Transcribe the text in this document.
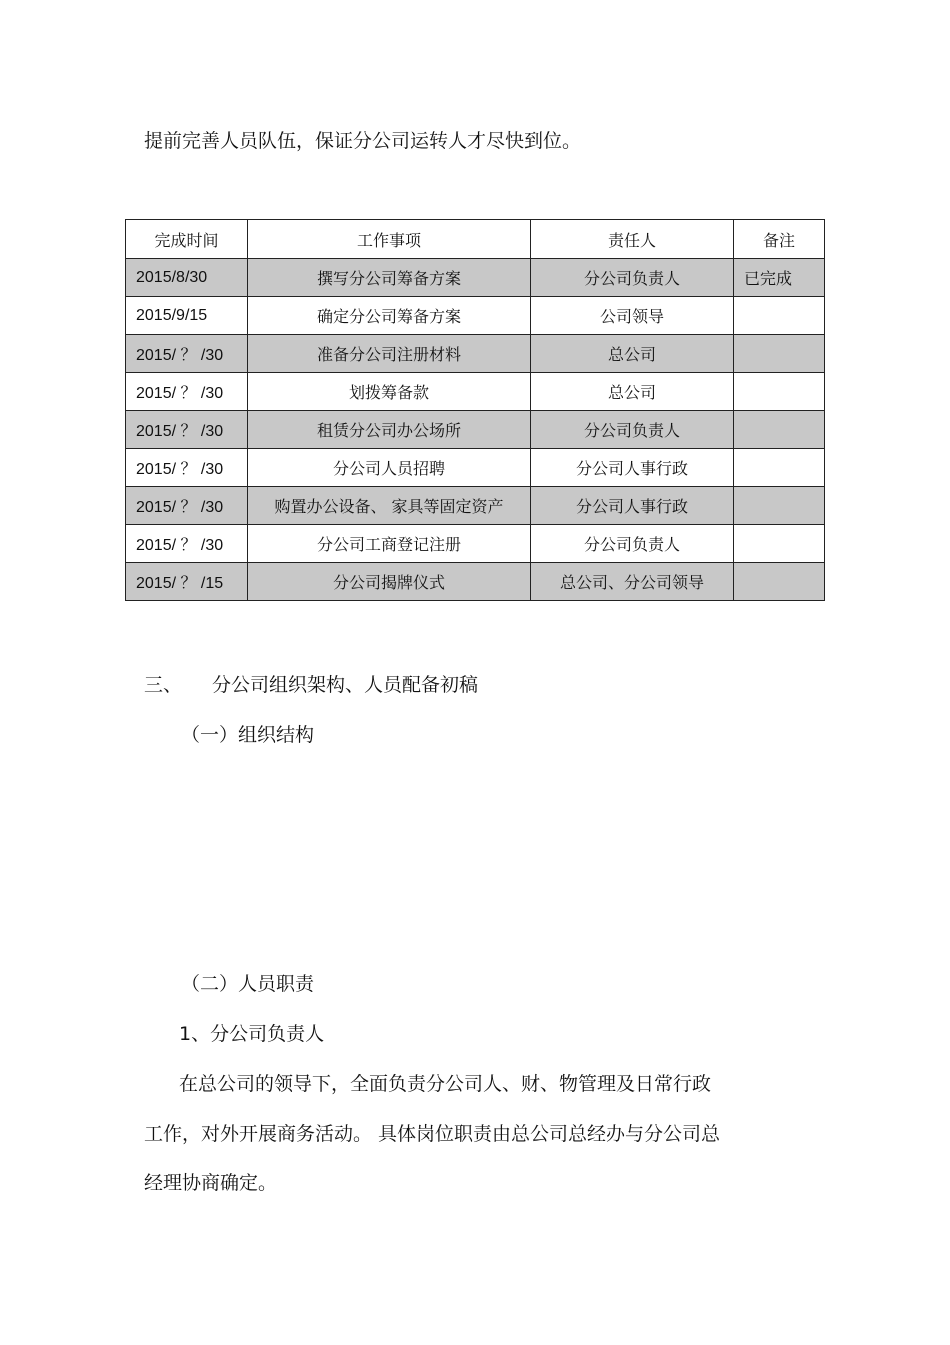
提前完善人员队伍，保证分公司运转人才尽快到位。
完成时间	工作事项	责任人	备注
2015/8/30	撰写分公司筹备方案	分公司负责人	已完成
2015/9/15	确定分公司筹备方案	公司领导	
2015/ ？ /30	准备分公司注册材料	总公司	
2015/ ？ /30	划拨筹备款	总公司	
2015/ ？ /30	租赁分公司办公场所	分公司负责人	
2015/ ？ /30	分公司人员招聘	分公司人事行政	
2015/ ？ /30	购置办公设备、 家具等固定资产	分公司人事行政	
2015/ ？ /30	分公司工商登记注册	分公司负责人	
2015/ ？ /15	分公司揭牌仪式	总公司、分公司领导	
三、 分公司组织架构、人员配备初稿
（一）组织结构
（二）人员职责
1、分公司负责人
在总公司的领导下，全面负责分公司人、财、物管理及日常行政
工作，对外开展商务活动。 具体岗位职责由总公司总经办与分公司总
经理协商确定。
